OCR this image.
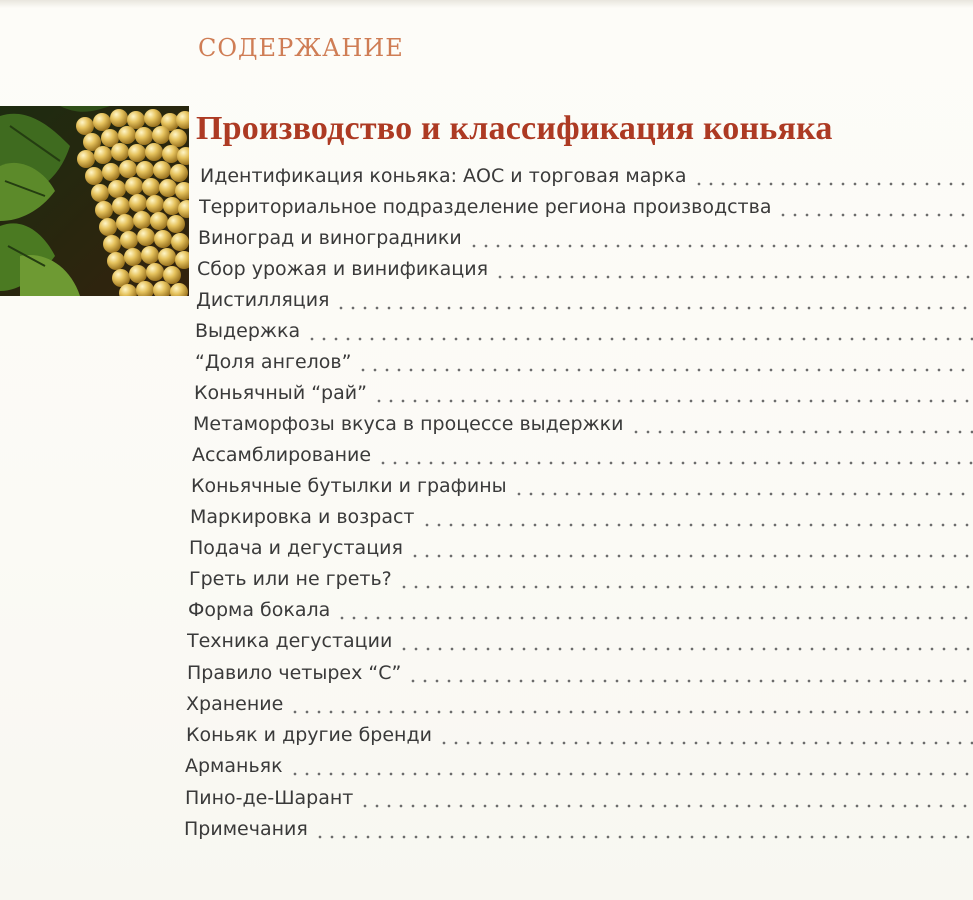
СОДЕРЖАНИЕ
Производство и классификация коньяка
Идентификация коньяка: АОС и торговая марка
Территориальное подразделение региона производства
Виноград и виноградники
Сбор урожая и винификация
Дистилляция
Выдержка
“Доля ангелов”
Коньячный “рай”
Метаморфозы вкуса в процессе выдержки
Ассамблирование
Коньячные бутылки и графины
Маркировка и возраст
Подача и дегустация
Греть или не греть?
Форма бокала
Техника дегустации
Правило четырех “С”
Хранение
Коньяк и другие бренди
Арманьяк
Пино-де-Шарант
Примечания
